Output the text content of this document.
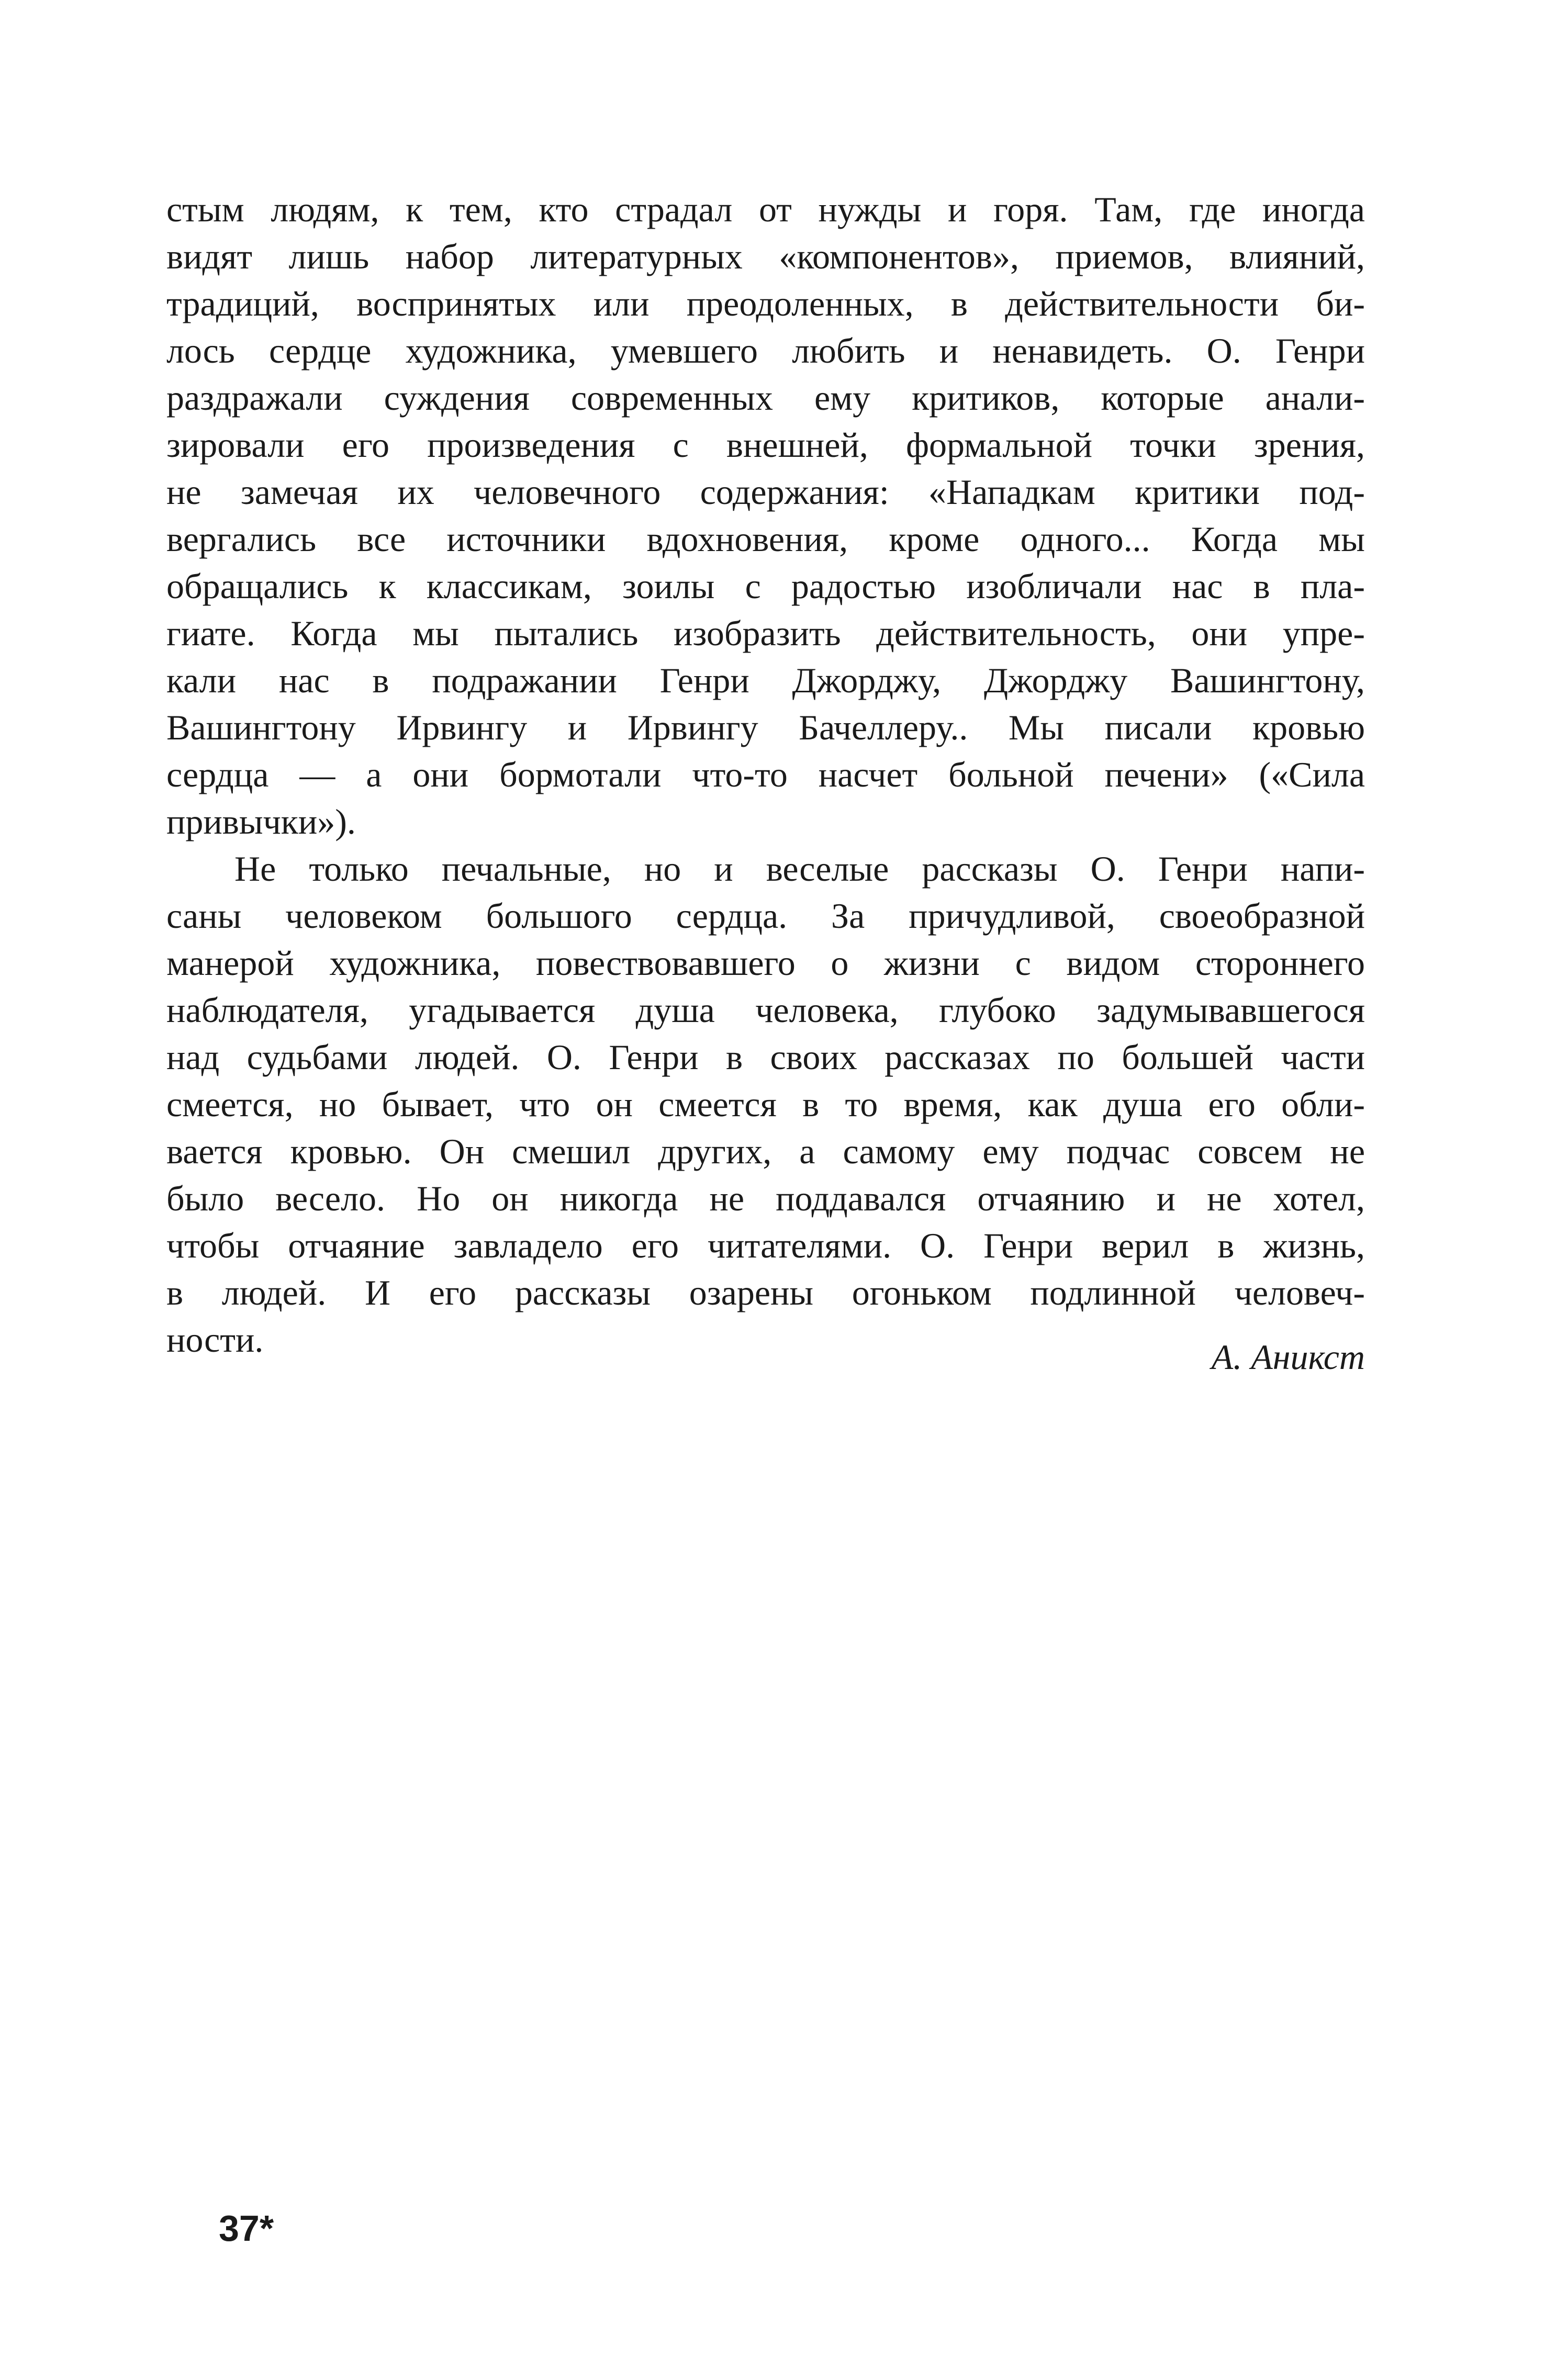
стым людям, к тем, кто страдал от нужды и горя. Там, где иногда
видят лишь набор литературных «компонентов», приемов, влияний,
традиций, воспринятых или преодоленных, в действительности би-
лось сердце художника, умевшего любить и ненавидеть. О. Генри
раздражали суждения современных ему критиков, которые анали-
зировали его произведения с внешней, формальной точки зрения,
не замечая их человечного содержания: «Нападкам критики под-
вергались все источники вдохновения, кроме одного... Когда мы
обращались к классикам, зоилы с радостью изобличали нас в пла-
гиате. Когда мы пытались изобразить действительность, они упре-
кали нас в подражании Генри Джорджу, Джорджу Вашингтону,
Вашингтону Ирвингу и Ирвингу Бачеллеру.. Мы писали кровью
сердца — а они бормотали что-то насчет больной печени» («Сила
привычки»).
Не только печальные, но и веселые рассказы О. Генри напи-
саны человеком большого сердца. За причудливой, своеобразной
манерой художника, повествовавшего о жизни с видом стороннего
наблюдателя, угадывается душа человека, глубоко задумывавшегося
над судьбами людей. О. Генри в своих рассказах по большей части
смеется, но бывает, что он смеется в то время, как душа его обли-
вается кровью. Он смешил других, а самому ему подчас совсем не
было весело. Но он никогда не поддавался отчаянию и не хотел,
чтобы отчаяние завладело его читателями. О. Генри верил в жизнь,
в людей. И его рассказы озарены огоньком подлинной человеч-
ности.	А. Аникст
37*
